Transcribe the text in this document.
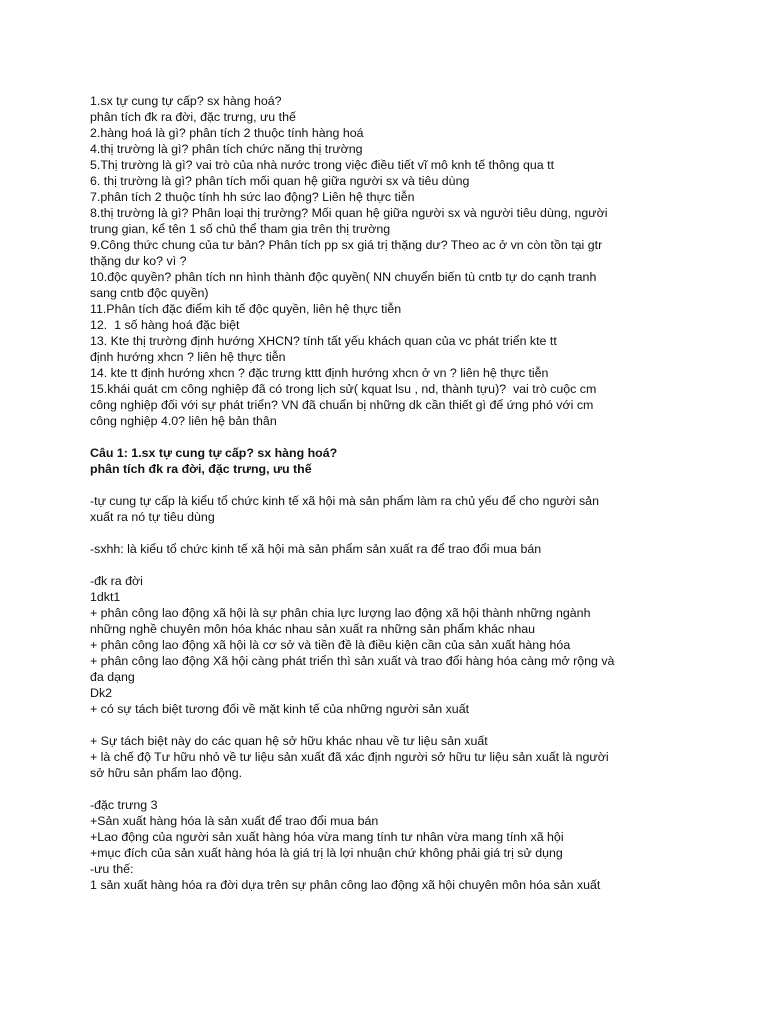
1.sx tự cung tự cấp? sx hàng hoá?
phân tích đk ra đời, đặc trưng, ưu thế
2.hàng hoá là gì? phân tích 2 thuộc tính hàng hoá
4.thị trường là gì? phân tích chức năng thị trường
5.Thị trường là gì? vai trò của nhà nước trong việc điều tiết vĩ mô knh tế thông qua tt
6. thị trường là gì? phân tích mối quan hệ giữa người sx và tiêu dùng
7.phân tích 2 thuộc tính hh sức lao động? Liên hệ thực tiễn
8.thị trường là gì? Phân loại thị trường? Mối quan hệ giữa người sx và người tiêu dùng, người
trung gian, kể tên 1 số chủ thể tham gia trên thị trường
9.Công thức chung của tư bản? Phân tích pp sx giá trị thặng dư? Theo ac ở vn còn tồn tại gtr
thặng dư ko? vì ?
10.độc quyền? phân tích nn hình thành độc quyền( NN chuyển biến tù cntb tự do cạnh tranh
sang cntb độc quyền)
11.Phân tích đặc điểm kih tế độc quyền, liên hệ thực tiễn
12.  1 số hàng hoá đặc biệt
13. Kte thị trường định hướng XHCN? tính tất yếu khách quan của vc phát triển kte tt
định hướng xhcn ? liên hệ thực tiễn
14. kte tt định hướng xhcn ? đặc trưng kttt định hướng xhcn ở vn ? liên hệ thực tiễn
15.khái quát cm công nghiệp đã có trong lịch sử( kquat lsu , nd, thành tựu)?  vai trò cuộc cm
công nghiệp đối với sự phát triển? VN đã chuẩn bị những dk cần thiết gì để ứng phó với cm
công nghiệp 4.0? liên hệ bản thân
Câu 1: 1.sx tự cung tự cấp? sx hàng hoá?
phân tích đk ra đời, đặc trưng, ưu thế
-tự cung tự cấp là kiểu tổ chức kinh tế xã hội mà sản phẩm làm ra chủ yếu để cho người sản
xuất ra nó tự tiêu dùng
-sxhh: là kiểu tổ chức kinh tế xã hội mà sản phẩm sản xuất ra để trao đổi mua bán
-đk ra đời
1dkt1
+ phân công lao động xã hội là sự phân chia lực lượng lao động xã hội thành những ngành
những nghề chuyên môn hóa khác nhau sản xuất ra những sản phẩm khác nhau
+ phân công lao động xã hội là cơ sở và tiền đề là điều kiện cần của sản xuất hàng hóa
+ phân công lao động Xã hội càng phát triển thì sản xuất và trao đổi hàng hóa càng mở rộng và
đa dạng
Dk2
+ có sự tách biệt tương đối về mặt kinh tế của những người sản xuất
+ Sự tách biệt này do các quan hệ sở hữu khác nhau về tư liệu sản xuất
+ là chế độ Tư hữu nhỏ về tư liệu sản xuất đã xác định người sở hữu tư liệu sản xuất là người
sở hữu sản phẩm lao động.
-đặc trưng 3
+Sản xuất hàng hóa là sản xuất để trao đổi mua bán
+Lao động của người sản xuất hàng hóa vừa mang tính tư nhân vừa mang tính xã hội
+mục đích của sản xuất hàng hóa là giá trị là lợi nhuận chứ không phải giá trị sử dụng
-ưu thế:
1 sản xuất hàng hóa ra đời dựa trên sự phân công lao động xã hội chuyên môn hóa sản xuất
